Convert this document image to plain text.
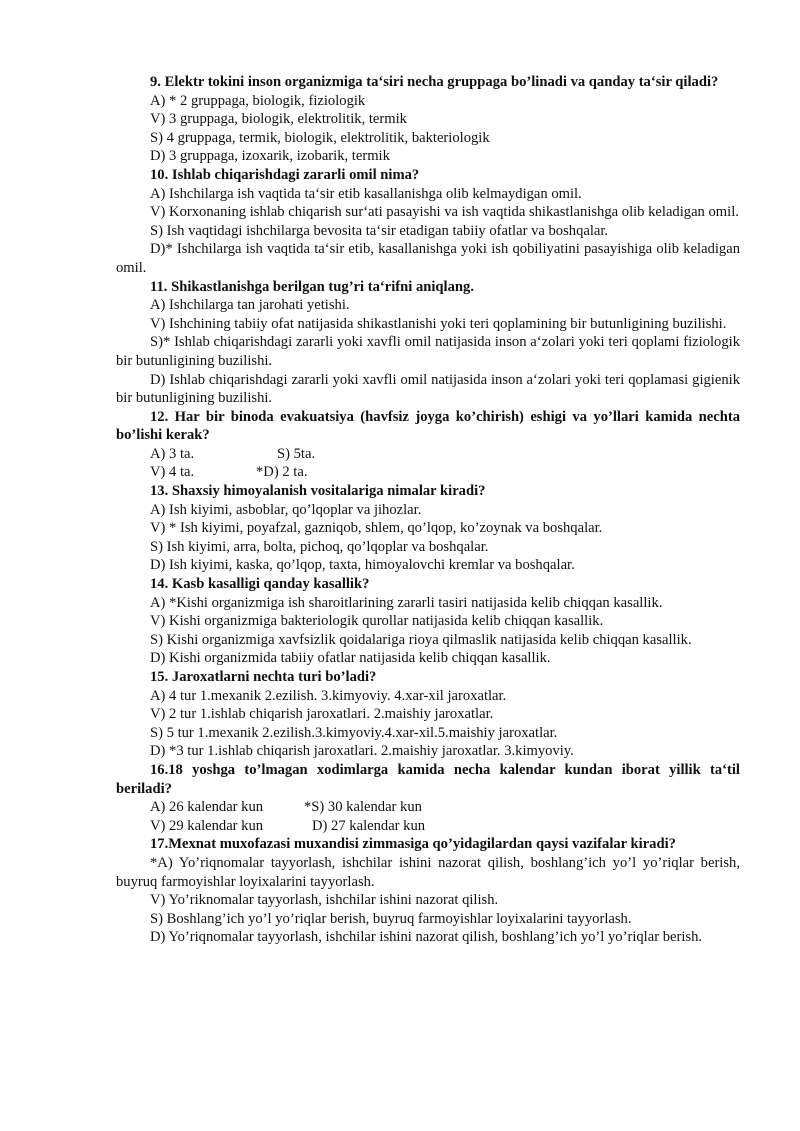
9. Elektr tokini inson organizmiga ta‘siri necha gruppaga bo’linadi va qanday ta‘sir qiladi?

A) * 2 gruppaga, biologik, fiziologik

V) 3 gruppaga, biologik, elektrolitik, termik

S) 4 gruppaga, termik, biologik, elektrolitik, bakteriologik

D) 3 gruppaga, izoxarik, izobarik, termik

10. Ishlab chiqarishdagi zararli omil nima?

A) Ishchilarga ish vaqtida ta‘sir etib kasallanishga olib kelmaydigan omil.

V) Korxonaning ishlab chiqarish sur‘ati pasayishi va ish vaqtida shikastlanishga olib keladigan omil.

S) Ish vaqtidagi ishchilarga bevosita ta‘sir etadigan tabiiy ofatlar va boshqalar.

D)* Ishchilarga ish vaqtida ta‘sir etib, kasallanishga yoki ish qobiliyatini pasayishiga olib keladigan omil.

11. Shikastlanishga berilgan tug’ri ta‘rifni aniqlang.

A) Ishchilarga tan jarohati yetishi.

V) Ishchining tabiiy ofat natijasida shikastlanishi yoki teri qoplamining bir butunligining buzilishi.

S)* Ishlab chiqarishdagi zararli yoki xavfli omil natijasida inson a‘zolari yoki teri qoplami fiziologik bir butunligining buzilishi.

D) Ishlab chiqarishdagi zararli yoki xavfli omil natijasida inson a‘zolari yoki teri qoplamasi gigienik bir butunligining buzilishi.

12. Har bir binoda evakuatsiya (havfsiz joyga ko’chirish) eshigi va yo’llari kamida nechta bo’lishi kerak?

A) 3 ta.	S) 5ta.
V) 4 ta.	*D) 2 ta.

13. Shaxsiy himoyalanish vositalariga nimalar kiradi?

A) Ish kiyimi, asboblar, qo’lqoplar va jihozlar.

V) * Ish kiyimi, poyafzal, gazniqob, shlem, qo’lqop, ko’zoynak va boshqalar.

S) Ish kiyimi, arra, bolta, pichoq, qo’lqoplar va boshqalar.

D) Ish kiyimi, kaska, qo’lqop, taxta, himoyalovchi kremlar va boshqalar.

14. Kasb kasalligi qanday kasallik?

A) *Kishi organizmiga ish sharoitlarining zararli tasiri natijasida kelib chiqqan kasallik.

V) Kishi organizmiga bakteriologik qurollar natijasida kelib chiqqan kasallik.

S) Kishi organizmiga xavfsizlik qoidalariga rioya qilmaslik natijasida kelib chiqqan kasallik.

D) Kishi organizmida tabiiy ofatlar natijasida kelib chiqqan kasallik.

15. Jaroxatlarni nechta turi bo’ladi?

A) 4 tur 1.mexanik 2.ezilish. 3.kimyoviy. 4.xar-xil jaroxatlar.

V) 2 tur 1.ishlab chiqarish jaroxatlari. 2.maishiy jaroxatlar.

S) 5 tur 1.mexanik 2.ezilish.3.kimyoviy.4.xar-xil.5.maishiy jaroxatlar.

D) *3 tur 1.ishlab chiqarish jaroxatlari. 2.maishiy jaroxatlar. 3.kimyoviy.

16.18 yoshga to’lmagan xodimlarga kamida necha kalendar kundan iborat yillik ta‘til beriladi?

A) 26 kalendar kun	*S) 30 kalendar kun
V) 29 kalendar kun	D) 27 kalendar kun

17.Mexnat muxofazasi muxandisi zimmasiga qo’yidagilardan qaysi vazifalar kiradi?

*A) Yo’riqnomalar tayyorlash, ishchilar ishini nazorat qilish, boshlang’ich yo’l yo’riqlar berish, buyruq farmoyishlar loyixalarini tayyorlash.

V) Yo’riknomalar tayyorlash, ishchilar ishini nazorat qilish.

S) Boshlang’ich yo’l yo’riqlar berish, buyruq farmoyishlar loyixalarini tayyorlash.

D) Yo’riqnomalar tayyorlash, ishchilar ishini nazorat qilish, boshlang’ich yo’l yo’riqlar berish.
